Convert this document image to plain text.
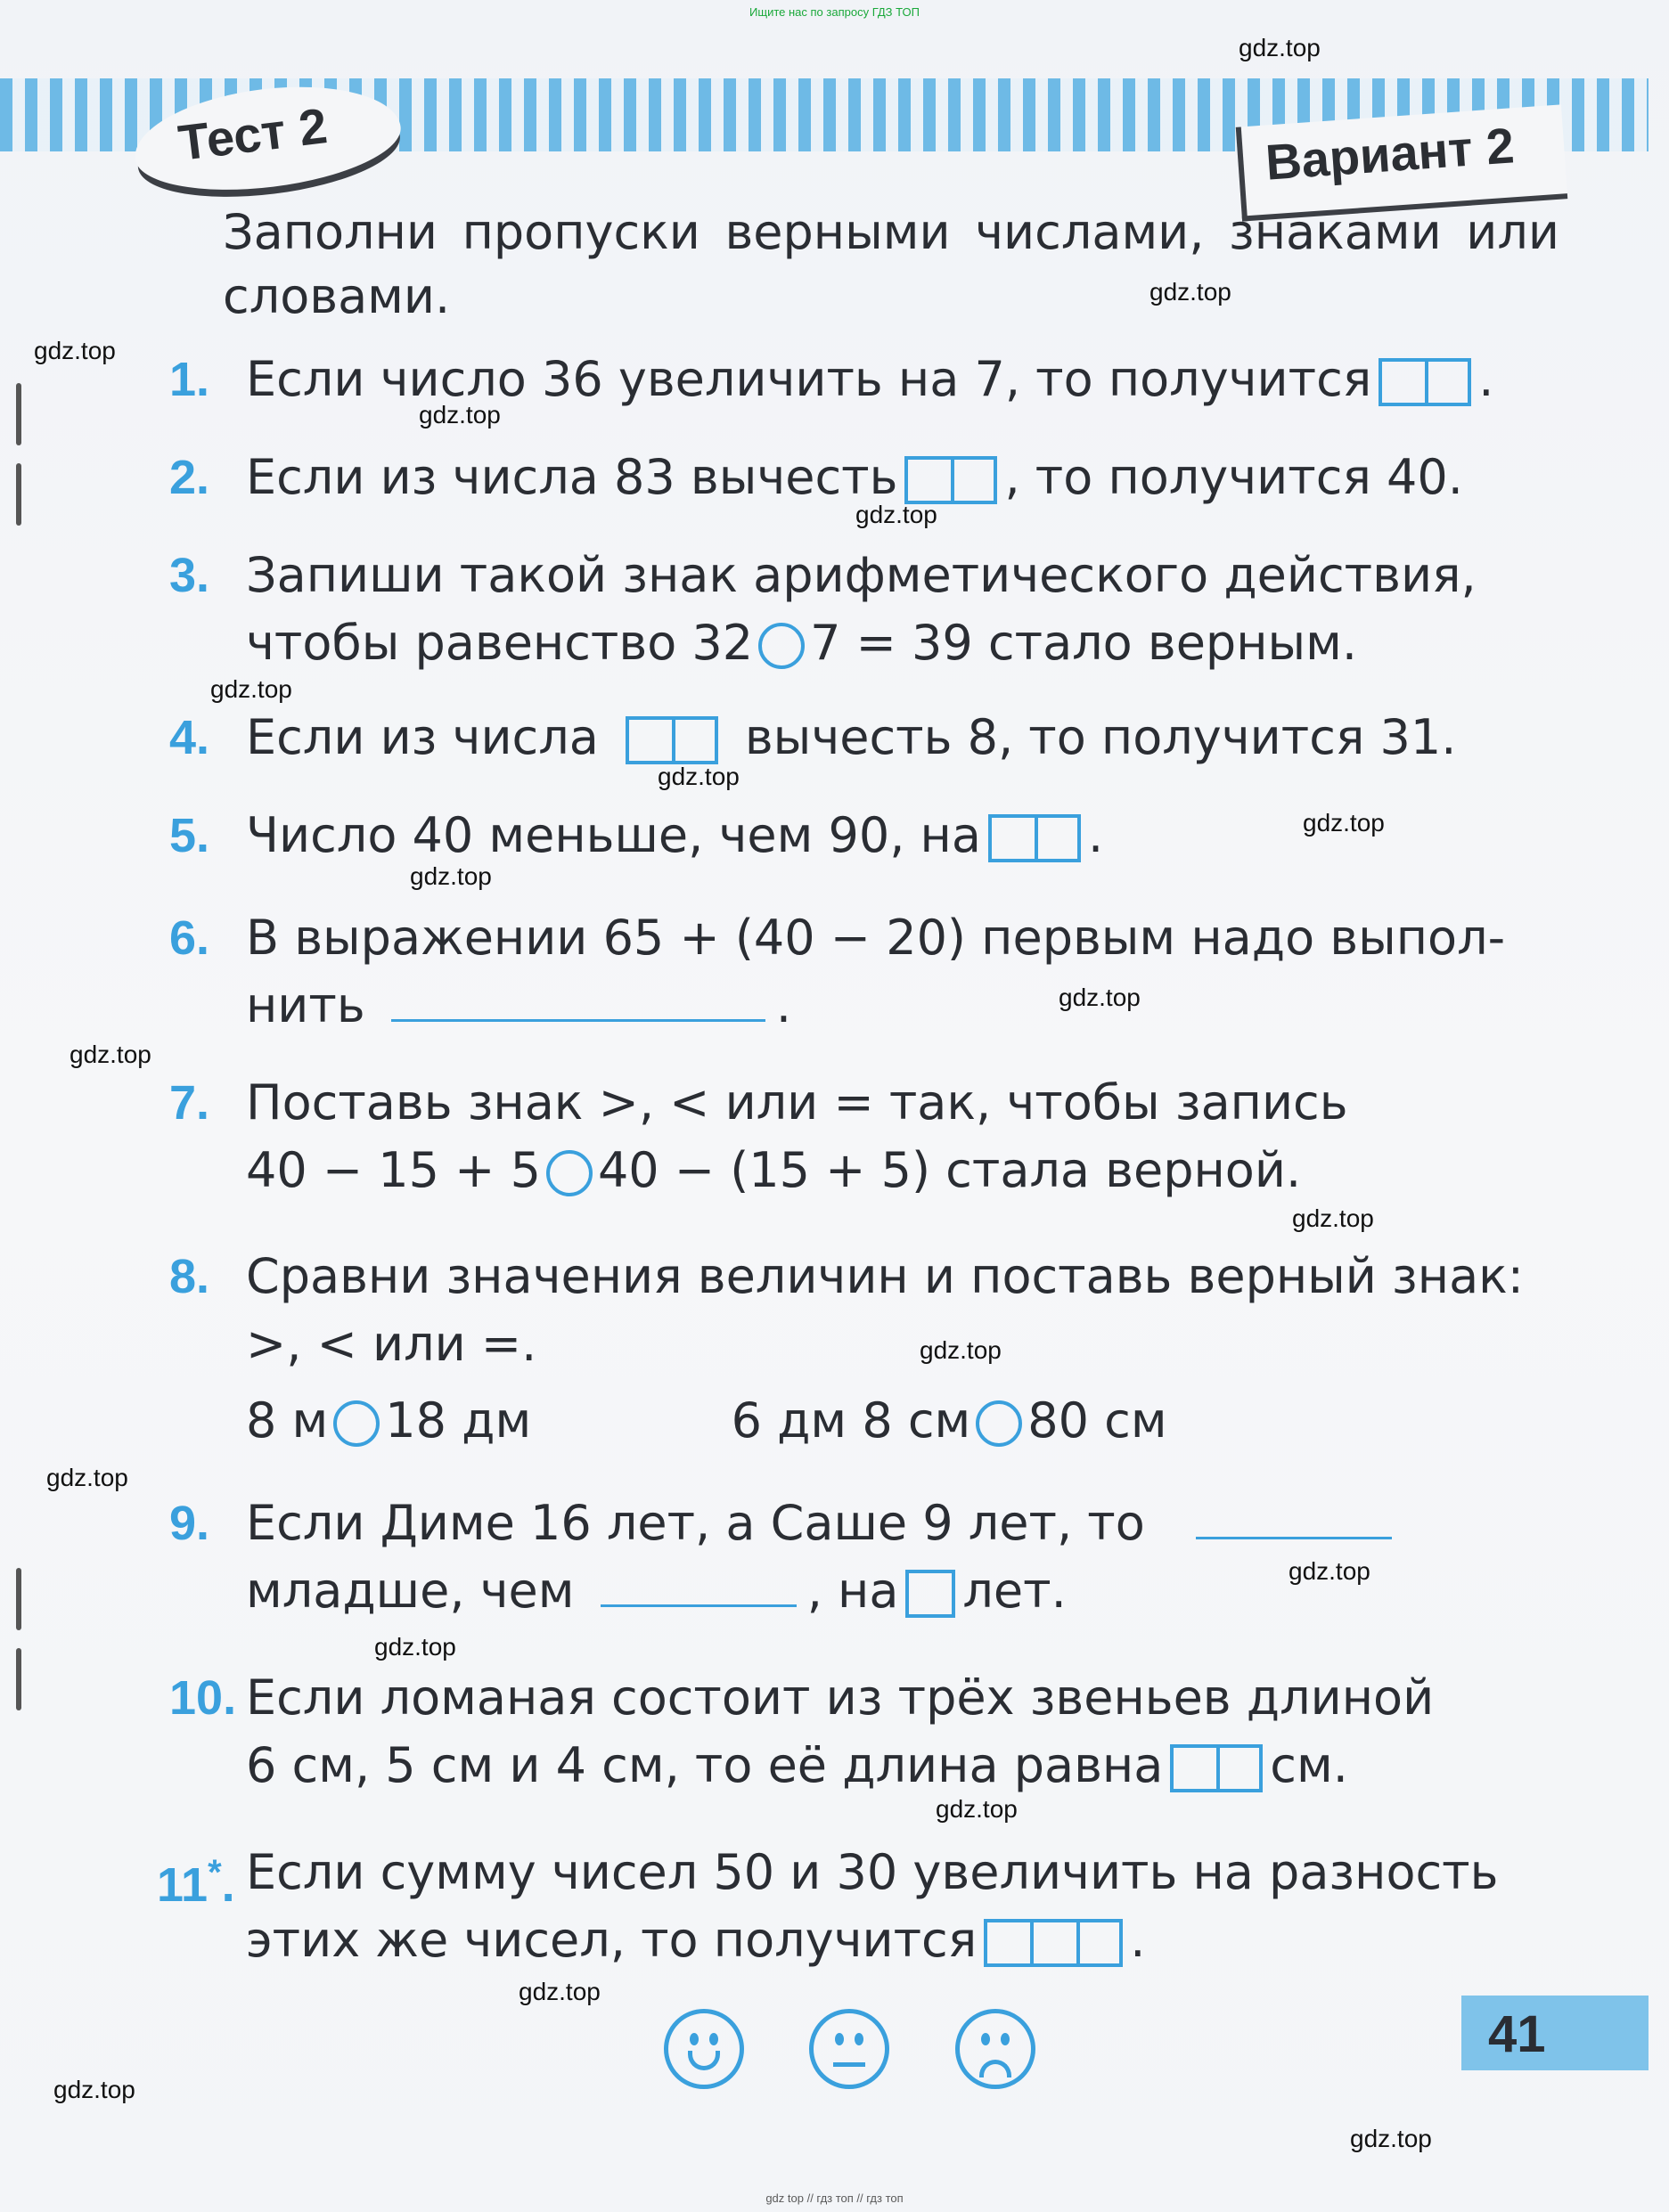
Ищите нас по запросу ГДЗ ТОП
Тест 2	Вариант 2
Заполни пропуски верными числами, знаками или словами.
1. Если число 36 увеличить на 7, то получится .
2. Если из числа 83 вычесть , то получится 40.
3. Запиши такой знак арифметического действия,
чтобы равенство 32 7 = 39 стало верным.
4. Если из числа	вычесть 8, то получится 31.
5. Число 40 меньше, чем 90, на .
6. В выражении 65 + (40 − 20) первым надо выпол-
нить	.
7. Поставь знак >, < или = так, чтобы запись
40 − 15 + 5 40 − (15 + 5) стала верной.
8. Сравни значения величин и поставь верный знак:
>, < или =.
8 м 18 дм	6 дм 8 см 80 см
9. Если Диме 16 лет, а Саше 9 лет, то
младше, чем	, на лет.
10. Если ломаная состоит из трёх звеньев длиной
6 см, 5 см и 4 см, то её длина равна см.
11*. Если сумму чисел 50 и 30 увеличить на разность
этих же чисел, то получится	.
41
gdz.top
gdz.top
gdz.top
gdz.top
gdz.top
gdz.top
gdz.top
gdz.top
gdz.top
gdz.top
gdz.top
gdz.top
gdz.top
gdz.top
gdz.top
gdz.top
gdz.top
gdz.top
gdz.top
gdz.top
gdz top // гдз топ // гдз топ
